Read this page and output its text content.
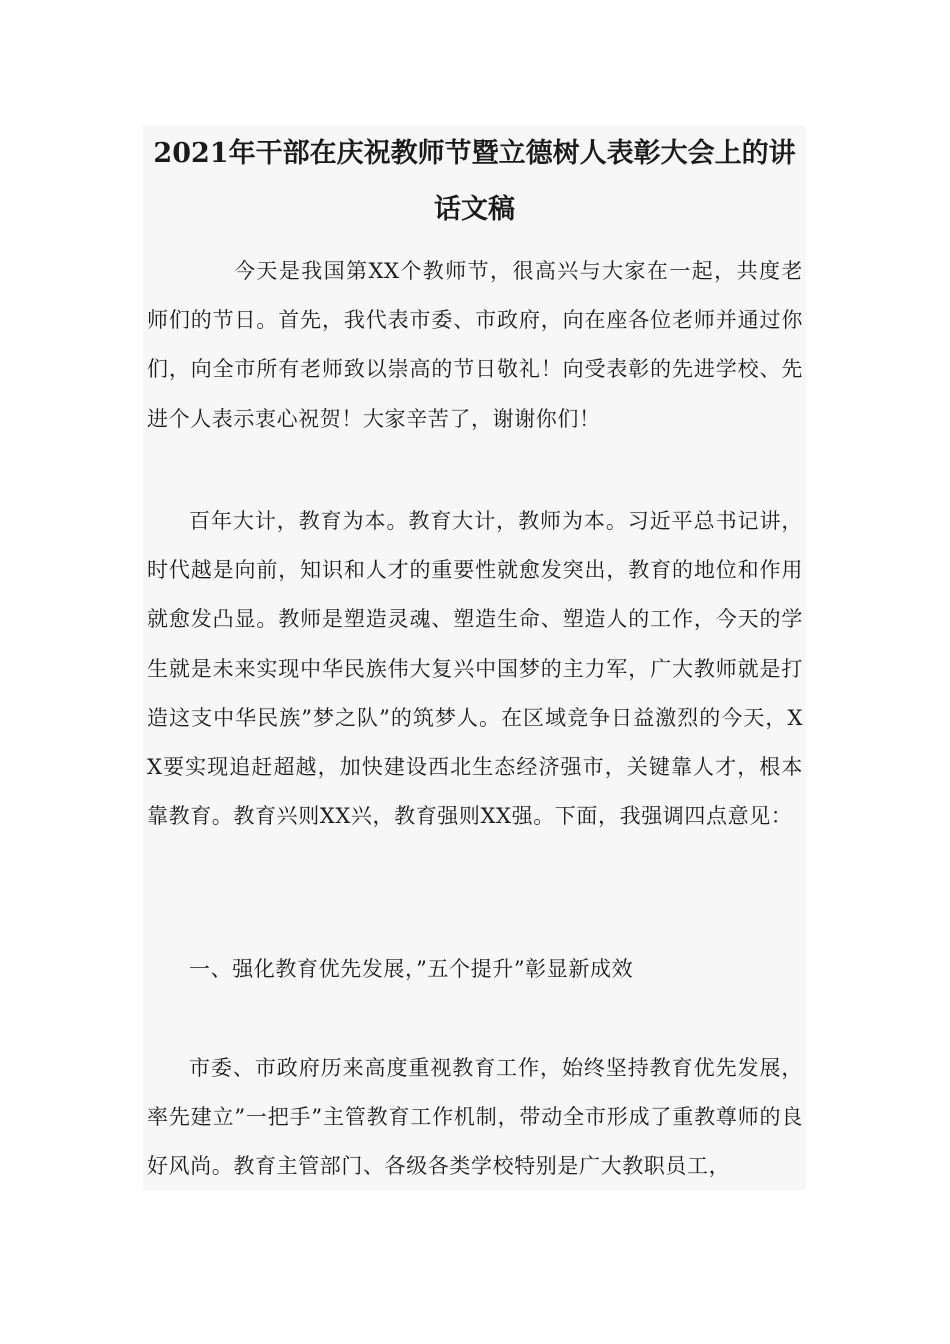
2021年干部在庆祝教师节暨立德树人表彰大会上的讲话文稿

今天是我国第XX个教师节，很高兴与大家在一起，共度老师们的节日。首先，我代表市委、市政府，向在座各位老师并通过你们，向全市所有老师致以崇高的节日敬礼！向受表彰的先进学校、先进个人表示衷心祝贺！大家辛苦了，谢谢你们！

百年大计，教育为本。教育大计，教师为本。习近平总书记讲，时代越是向前，知识和人才的重要性就愈发突出，教育的地位和作用就愈发凸显。教师是塑造灵魂、塑造生命、塑造人的工作，今天的学生就是未来实现中华民族伟大复兴中国梦的主力军，广大教师就是打造这支中华民族”梦之队”的筑梦人。在区域竞争日益激烈的今天，XX要实现追赶超越，加快建设西北生态经济强市，关键靠人才，根本靠教育。教育兴则XX兴，教育强则XX强。下面，我强调四点意见：

一、强化教育优先发展，”五个提升”彰显新成效

市委、市政府历来高度重视教育工作，始终坚持教育优先发展，率先建立”一把手”主管教育工作机制，带动全市形成了重教尊师的良好风尚。教育主管部门、各级各类学校特别是广大教职员工，
